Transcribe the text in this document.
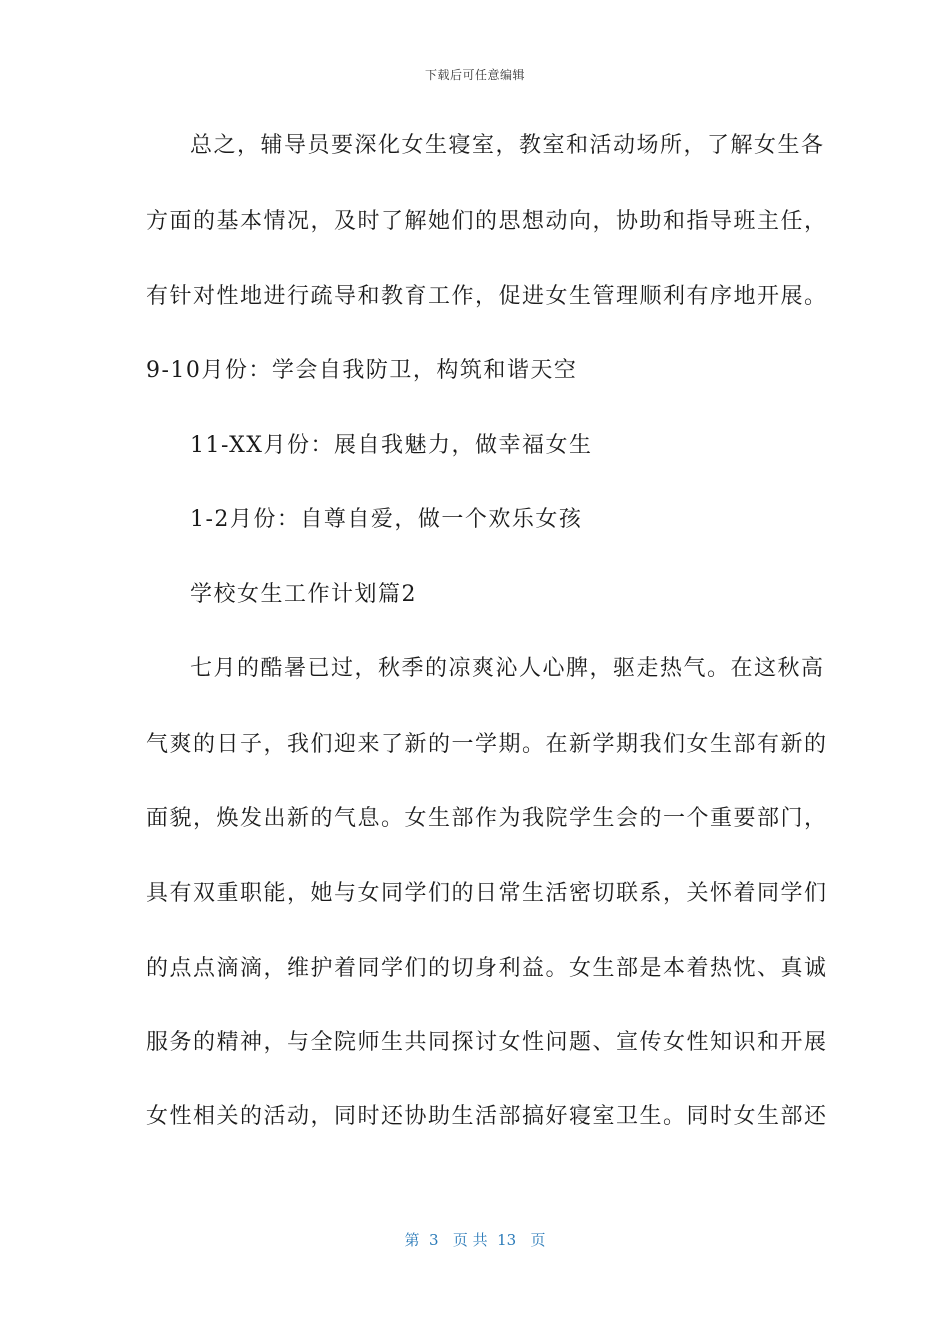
下载后可任意编辑
总之，辅导员要深化女生寝室，教室和活动场所，了解女生各
方面的基本情况，及时了解她们的思想动向，协助和指导班主任，
有针对性地进行疏导和教育工作，促进女生管理顺利有序地开展。
9-10月份：学会自我防卫，构筑和谐天空
11-XX月份：展自我魅力，做幸福女生
1-2月份：自尊自爱，做一个欢乐女孩
学校女生工作计划篇2
七月的酷暑已过，秋季的凉爽沁人心脾，驱走热气。在这秋高
气爽的日子，我们迎来了新的一学期。在新学期我们女生部有新的
面貌，焕发出新的气息。女生部作为我院学生会的一个重要部门，
具有双重职能，她与女同学们的日常生活密切联系，关怀着同学们
的点点滴滴，维护着同学们的切身利益。女生部是本着热忱、真诚
服务的精神，与全院师生共同探讨女性问题、宣传女性知识和开展
女性相关的活动，同时还协助生活部搞好寝室卫生。同时女生部还
第  3   页 共  13   页
